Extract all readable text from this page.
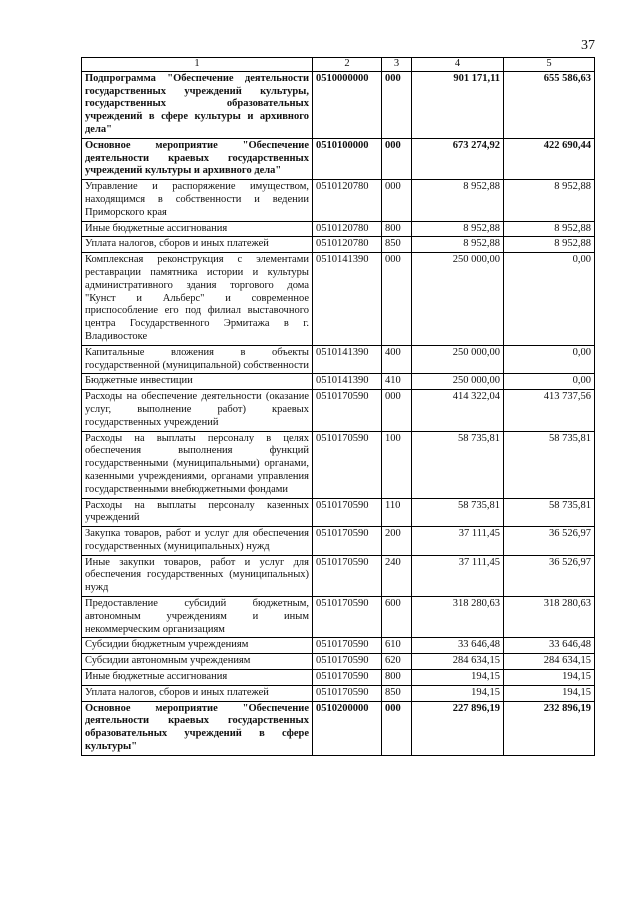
37
1	2	3	4	5
Подпрограмма "Обеспечение деятельности государственных учреждений культуры, государственных образовательных учреждений в сфере культуры и архивного дела"	0510000000	000	901 171,11	655 586,63
Основное мероприятие "Обеспечение деятельности краевых государственных учреждений культуры и архивного дела"	0510100000	000	673 274,92	422 690,44
Управление и распоряжение имуществом, находящимся в собственности и ведении Приморского края	0510120780	000	8 952,88	8 952,88
Иные бюджетные ассигнования	0510120780	800	8 952,88	8 952,88
Уплата налогов, сборов и иных платежей	0510120780	850	8 952,88	8 952,88
Комплексная реконструкция с элементами реставрации памятника истории и культуры административного здания торгового дома "Кунст и Альберс" и современное приспособление его под филиал выставочного центра Государственного Эрмитажа в г. Владивостоке	0510141390	000	250 000,00	0,00
Капитальные вложения в объекты государственной (муниципальной) собственности	0510141390	400	250 000,00	0,00
Бюджетные инвестиции	0510141390	410	250 000,00	0,00
Расходы на обеспечение деятельности (оказание услуг, выполнение работ) краевых государственных учреждений	0510170590	000	414 322,04	413 737,56
Расходы на выплаты персоналу в целях обеспечения выполнения функций государственными (муниципальными) органами, казенными учреждениями, органами управления государственными внебюджетными фондами	0510170590	100	58 735,81	58 735,81
Расходы на выплаты персоналу казенных учреждений	0510170590	110	58 735,81	58 735,81
Закупка товаров, работ и услуг для обеспечения государственных (муниципальных) нужд	0510170590	200	37 111,45	36 526,97
Иные закупки товаров, работ и услуг для обеспечения государственных (муниципальных) нужд	0510170590	240	37 111,45	36 526,97
Предоставление субсидий бюджетным, автономным учреждениям и иным некоммерческим организациям	0510170590	600	318 280,63	318 280,63
Субсидии бюджетным учреждениям	0510170590	610	33 646,48	33 646,48
Субсидии автономным учреждениям	0510170590	620	284 634,15	284 634,15
Иные бюджетные ассигнования	0510170590	800	194,15	194,15
Уплата налогов, сборов и иных платежей	0510170590	850	194,15	194,15
Основное мероприятие "Обеспечение деятельности краевых государственных образовательных учреждений в сфере культуры"	0510200000	000	227 896,19	232 896,19
